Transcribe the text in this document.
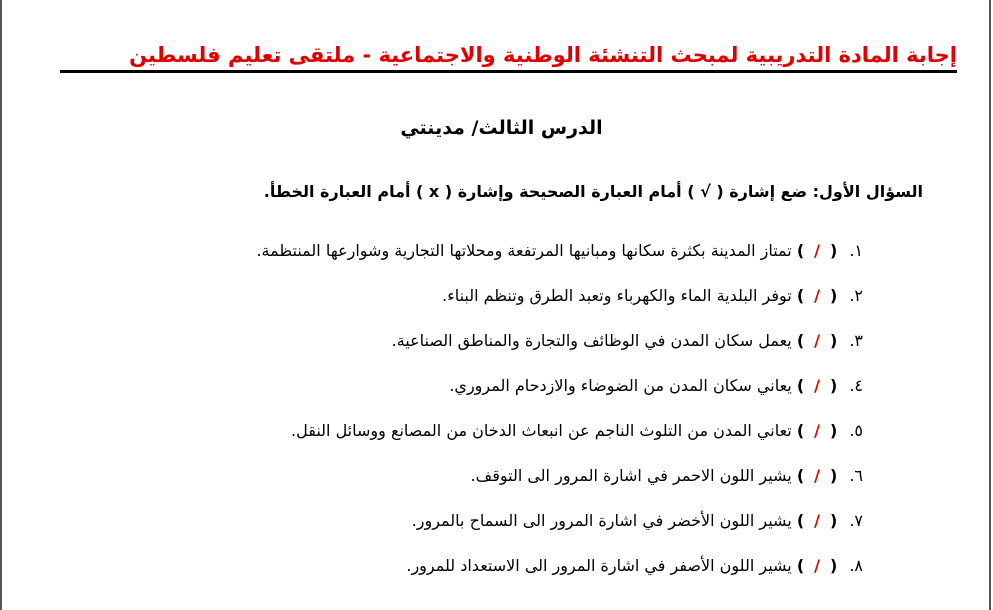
إجابة المادة التدريبية لمبحث التنشئة الوطنية والاجتماعية - ملتقى تعليم فلسطين
الدرس الثالث/ مدينتي
السؤال الأول: ضع إشارة ( √ ) أمام العبارة الصحيحة وإشارة ( x ) أمام العبارة الخطأ.
١.(/) تمتاز المدينة بكثرة سكانها ومبانيها المرتفعة ومحلاتها التجارية وشوارعها المنتظمة.
٢.(/) توفر البلدية الماء والكهرباء وتعبد الطرق وتنظم البناء.
٣.(/) يعمل سكان المدن في الوظائف والتجارة والمناطق الصناعية.
٤.(/) يعاني سكان المدن من الضوضاء والازدحام المروري.
٥.(/) تعاني المدن من التلوث الناجم عن انبعاث الدخان من المصانع ووسائل النقل.
٦.(/) يشير اللون الاحمر في اشارة المرور الى التوقف.
٧.(/) يشير اللون الأخضر في اشارة المرور الى السماح بالمرور.
٨.(/) يشير اللون الأصفر في اشارة المرور الى الاستعداد للمرور.
